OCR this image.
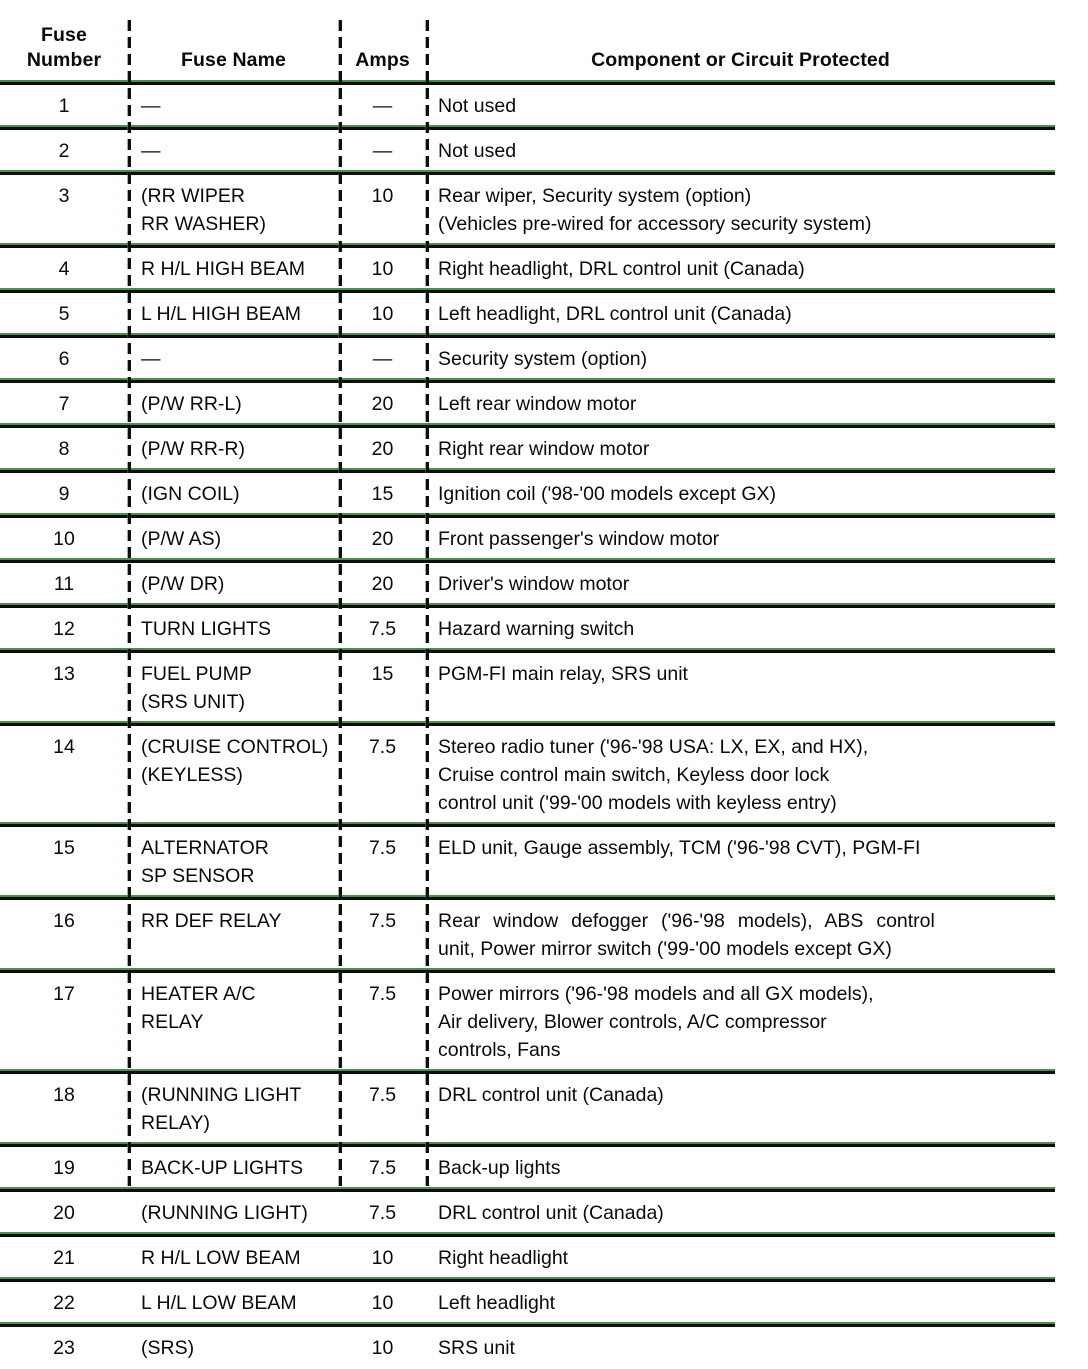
Fuse
Number	Fuse Name	Amps	Component or Circuit Protected

1	—	—	Not used

2	—	—	Not used

3	(RR WIPER
RR WASHER)	10	Rear wiper, Security system (option)
(Vehicles pre-wired for accessory security system)

4	R H/L HIGH BEAM	10	Right headlight, DRL control unit (Canada)

5	L H/L HIGH BEAM	10	Left headlight, DRL control unit (Canada)

6	—	—	Security system (option)

7	(P/W RR-L)	20	Left rear window motor

8	(P/W RR-R)	20	Right rear window motor

9	(IGN COIL)	15	Ignition coil ('98-'00 models except GX)

10	(P/W AS)	20	Front passenger's window motor

11	(P/W DR)	20	Driver's window motor

12	TURN LIGHTS	7.5	Hazard warning switch

13	FUEL PUMP
(SRS UNIT)	15	PGM-FI main relay, SRS unit

14	(CRUISE CONTROL)
(KEYLESS)	7.5	Stereo radio tuner ('96-'98 USA: LX, EX, and HX),
Cruise control main switch, Keyless door lock
control unit ('99-'00 models with keyless entry)

15	ALTERNATOR
SP SENSOR	7.5	ELD unit, Gauge assembly, TCM ('96-'98 CVT), PGM-FI

16	RR DEF RELAY	7.5	Rear window defogger ('96-'98 models), ABS control
unit, Power mirror switch ('99-'00 models except GX)

17	HEATER A/C
RELAY	7.5	Power mirrors ('96-'98 models and all GX models),
Air delivery, Blower controls, A/C compressor
controls, Fans

18	(RUNNING LIGHT
RELAY)	7.5	DRL control unit (Canada)

19	BACK-UP LIGHTS	7.5	Back-up lights

20	(RUNNING LIGHT)	7.5	DRL control unit (Canada)

21	R H/L LOW BEAM	10	Right headlight

22	L H/L LOW BEAM	10	Left headlight

23	(SRS)	10	SRS unit
